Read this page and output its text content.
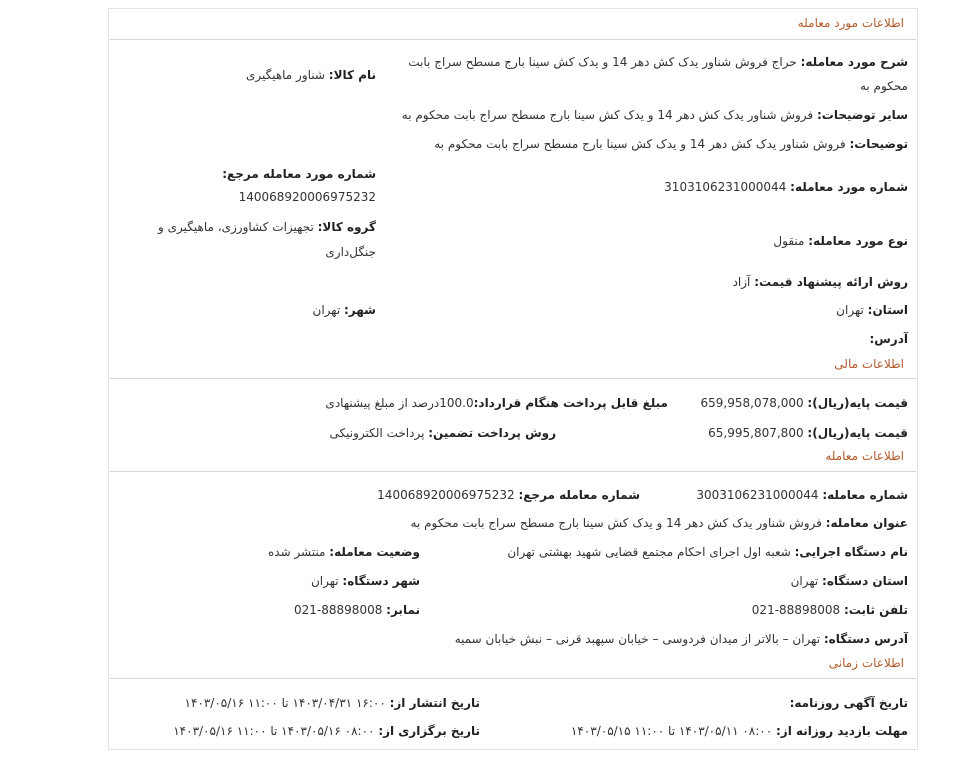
اطلاعات مورد معامله
شرح مورد معامله: حراج فروش شناور یدک کش دهر 14 و یدک کش سینا بارج مسطح سراج بابت
محکوم به
نام کالا: شناور ماهیگیری
سایر توضیحات: فروش شناور یدک کش دهر 14 و یدک کش سینا بارج مسطح سراج بابت محکوم به
توضیحات: فروش شناور یدک کش دهر 14 و یدک کش سینا بارج مسطح سراج بابت محکوم به
شماره مورد معامله مرجع:
140068920006975232
شماره مورد معامله: 3103106231000044
گروه کالا: تجهیزات کشاورزی، ماهیگیری و
جنگل‌داری
نوع مورد معامله: منقول
روش ارائه پیشنهاد قیمت: آزاد
شهر: تهران	استان: تهران
آدرس:
اطلاعات مالی
قیمت پایه(ریال): 659,958,078,000
مبلغ قابل پرداخت هنگام قرارداد:100.0درصد از مبلغ پیشنهادی
قیمت پایه(ریال): 65,995,807,800
روش پرداخت تضمین: پرداخت الکترونیکی
اطلاعات معامله
شماره معامله: 3003106231000044
شماره معامله مرجع: 140068920006975232
عنوان معامله: فروش شناور یدک کش دهر 14 و یدک کش سینا بارج مسطح سراج بابت محکوم به
نام دستگاه اجرایی: شعبه اول اجرای احکام مجتمع قضایی شهید بهشتی تهران
وضعیت معامله: منتشر شده
استان دستگاه: تهران
شهر دستگاه: تهران
تلفن ثابت: 88898008-021
نمابر: 88898008-021
آدرس دستگاه: تهران – بالاتر از میدان فردوسی – خیابان سپهبد قرنی – نبش خیابان سمیه
اطلاعات زمانی
تاریخ آگهی روزنامه:
تاریخ انتشار از: ۱۶:۰۰ ۱۴۰۳/۰۴/۳۱ تا ۱۱:۰۰ ۱۴۰۳/۰۵/۱۶
مهلت بازدید روزانه از: ۰۸:۰۰ ۱۴۰۳/۰۵/۱۱ تا ۱۱:۰۰ ۱۴۰۳/۰۵/۱۵
تاریخ برگزاری از: ۰۸:۰۰ ۱۴۰۳/۰۵/۱۶ تا ۱۱:۰۰ ۱۴۰۳/۰۵/۱۶
